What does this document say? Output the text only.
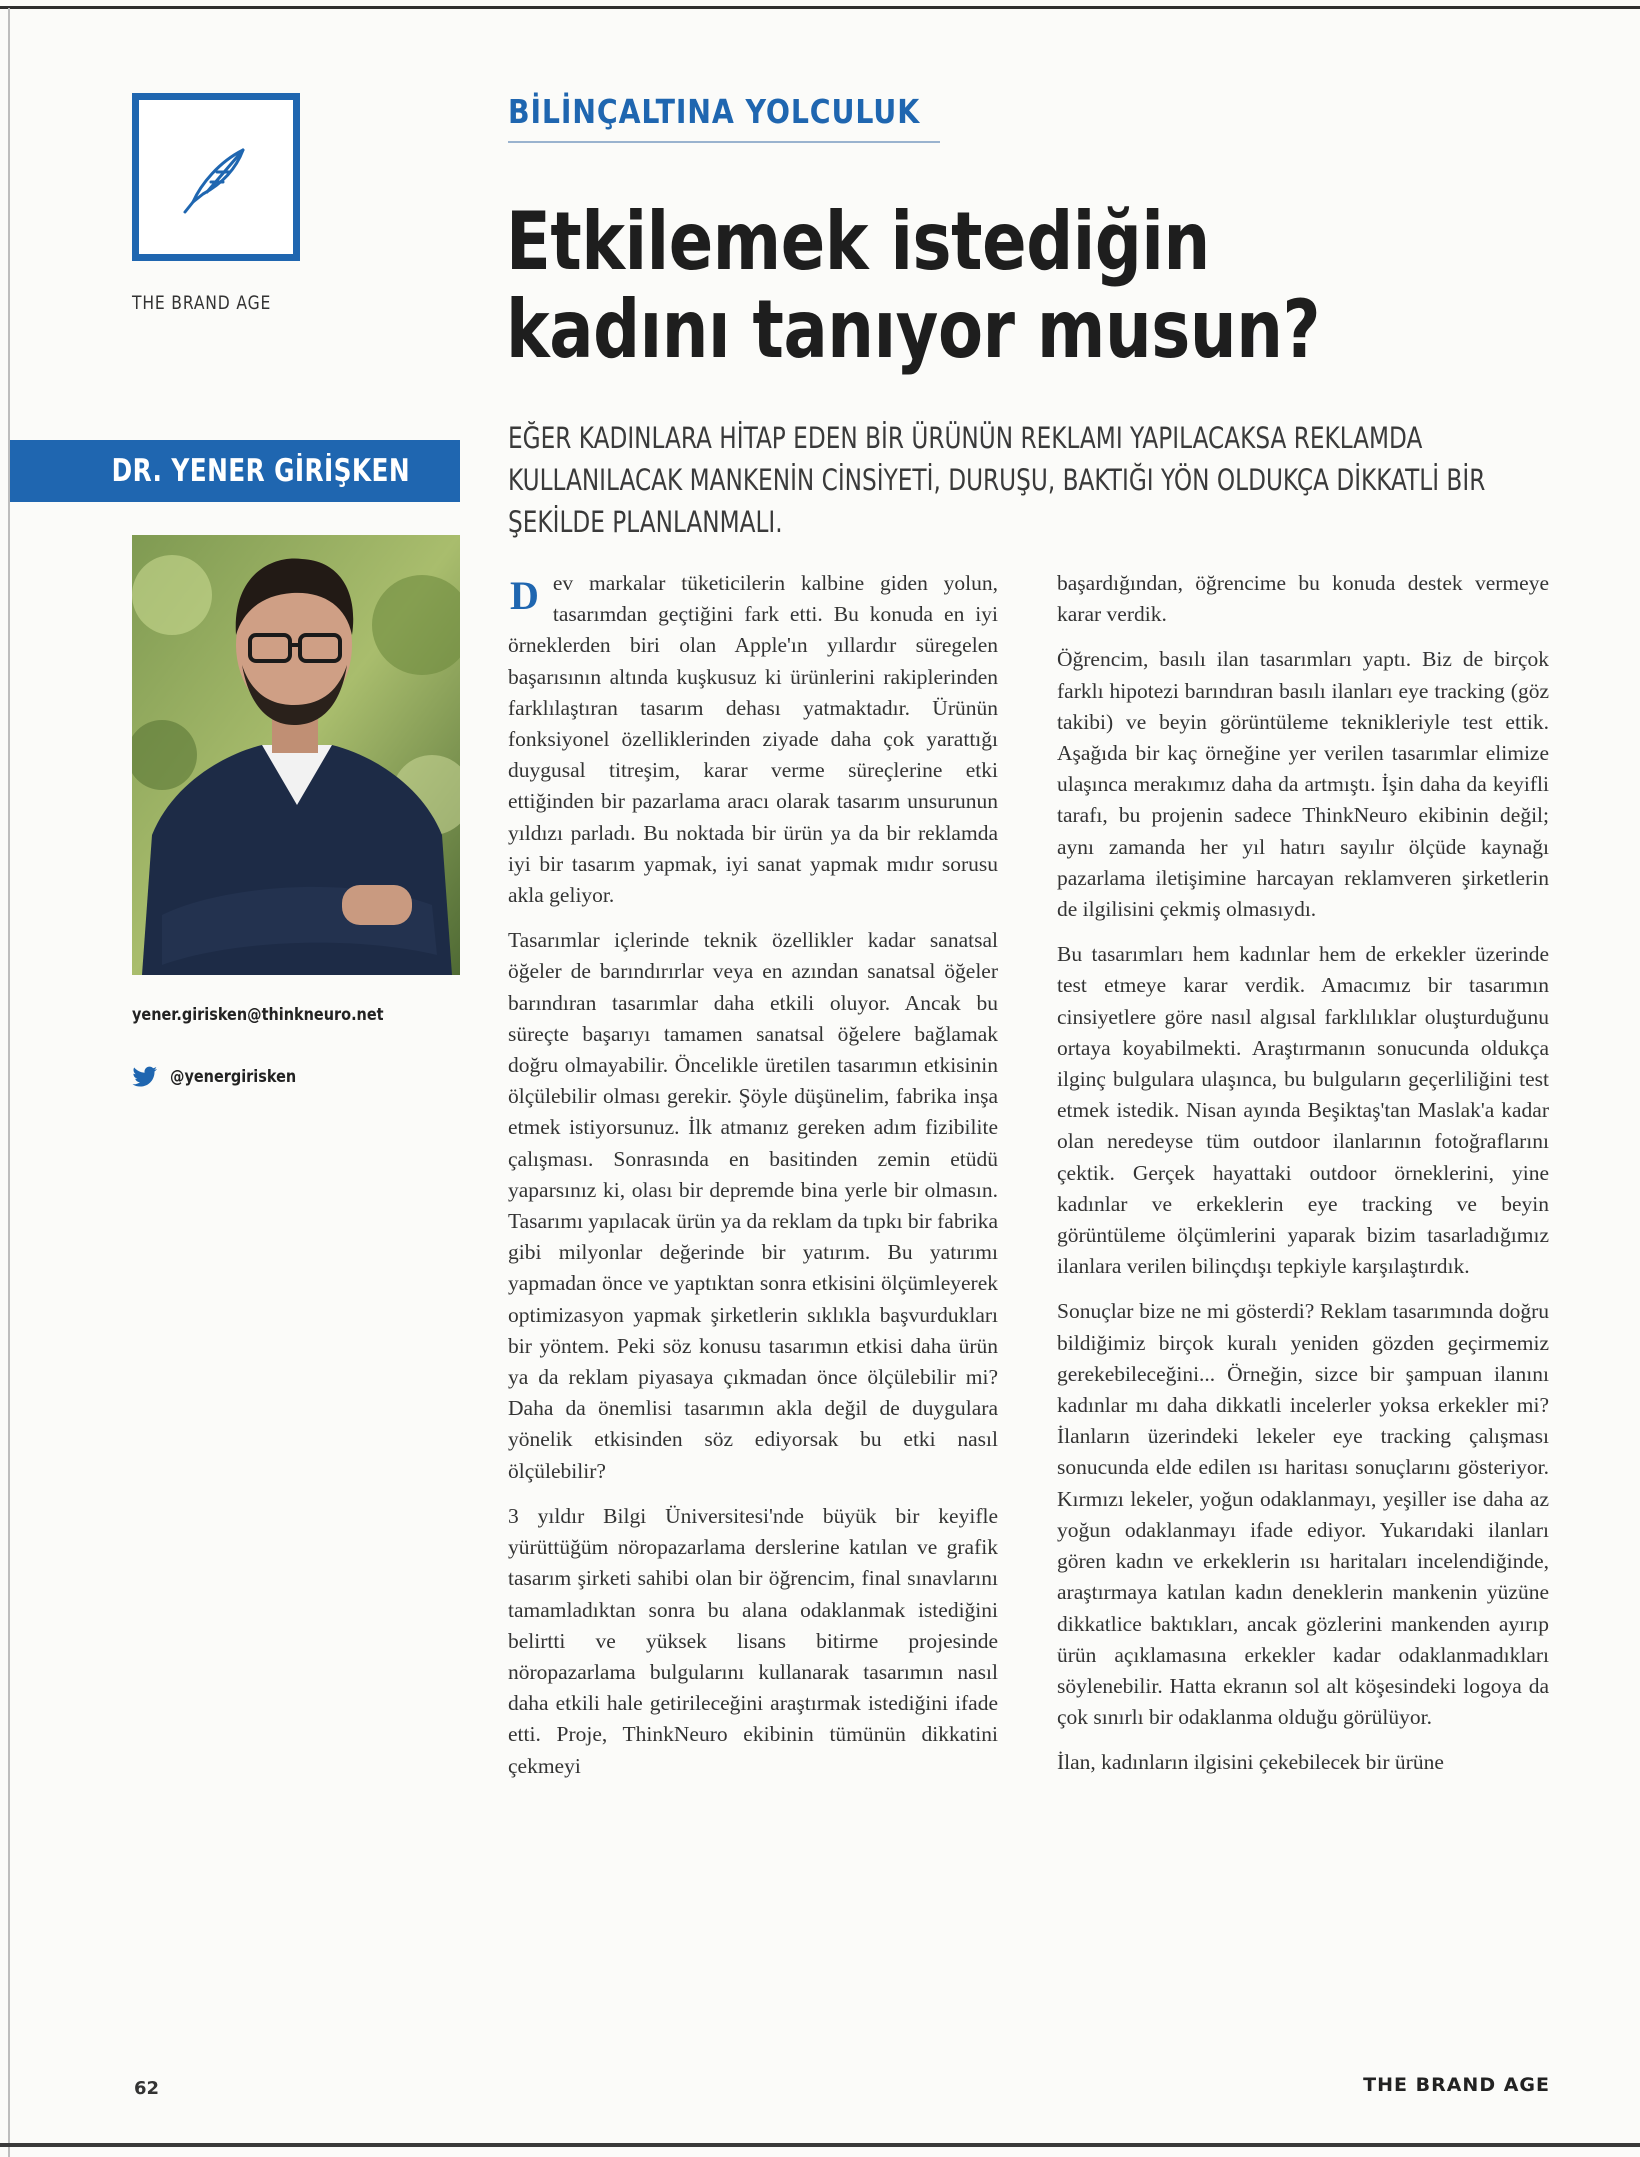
THE BRAND AGE
DR. YENER GİRİŞKEN
yener.girisken@thinkneuro.net
@yenergirisken
BİLİNÇALTINA YOLCULUK
Etkilemek istediğin
kadını tanıyor musun?
EĞER KADINLARA HİTAP EDEN BİR ÜRÜNÜN REKLAMI YAPILACAKSA REKLAMDA
KULLANILACAK MANKENİN CİNSİYETİ, DURUŞU, BAKTIĞI YÖN OLDUKÇA DİKKATLİ BİR
ŞEKİLDE PLANLANMALI.

Dev markalar tüketicilerin kalbine giden yolun, tasarımdan geçtiğini fark etti. Bu konuda en iyi örneklerden biri olan Apple'ın yıllardır süregelen başarısının altında kuşkusuz ki ürünlerini rakiplerinden farklılaştıran tasarım dehası yatmaktadır. Ürünün fonksiyonel özelliklerinden ziyade daha çok yarattığı duygusal titreşim, karar verme süreçlerine etki ettiğinden bir pazarlama aracı olarak tasarım unsurunun yıldızı parladı. Bu noktada bir ürün ya da bir reklamda iyi bir tasarım yapmak, iyi sanat yapmak mıdır sorusu akla geliyor.

Tasarımlar içlerinde teknik özellikler kadar sanatsal öğeler de barındırırlar veya en azından sanatsal öğeler barındıran tasarımlar daha etkili oluyor. Ancak bu süreçte başarıyı tamamen sanatsal öğelere bağlamak doğru olmayabilir. Öncelikle üretilen tasarımın etkisinin ölçülebilir olması gerekir. Şöyle düşünelim, fabrika inşa etmek istiyorsunuz. İlk atmanız gereken adım fizibilite çalışması. Sonrasında en basitinden zemin etüdü yaparsınız ki, olası bir depremde bina yerle bir olmasın. Tasarımı yapılacak ürün ya da reklam da tıpkı bir fabrika gibi milyonlar değerinde bir yatırım. Bu yatırımı yapmadan önce ve yaptıktan sonra etkisini ölçümleyerek optimizasyon yapmak şirketlerin sıklıkla başvurdukları bir yöntem. Peki söz konusu tasarımın etkisi daha ürün ya da reklam piyasaya çıkmadan önce ölçülebilir mi? Daha da önemlisi tasarımın akla değil de duygulara yönelik etkisinden söz ediyorsak bu etki nasıl ölçülebilir?

3 yıldır Bilgi Üniversitesi'nde büyük bir keyifle yürüttüğüm nöropazarlama derslerine katılan ve grafik tasarım şirketi sahibi olan bir öğrencim, final sınavlarını tamamladıktan sonra bu alana odaklanmak istediğini belirtti ve yüksek lisans bitirme projesinde nöropazarlama bulgularını kullanarak tasarımın nasıl daha etkili hale getirileceğini araştırmak istediğini ifade etti. Proje, ThinkNeuro ekibinin tümünün dikkatini çekmeyi

başardığından, öğrencime bu konuda destek vermeye karar verdik.

Öğrencim, basılı ilan tasarımları yaptı. Biz de birçok farklı hipotezi barındıran basılı ilanları eye tracking (göz takibi) ve beyin görüntüleme teknikleriyle test ettik. Aşağıda bir kaç örneğine yer verilen tasarımlar elimize ulaşınca merakımız daha da artmıştı. İşin daha da keyifli tarafı, bu projenin sadece ThinkNeuro ekibinin değil; aynı zamanda her yıl hatırı sayılır ölçüde kaynağı pazarlama iletişimine harcayan reklamveren şirketlerin de ilgilisini çekmiş olmasıydı.

Bu tasarımları hem kadınlar hem de erkekler üzerinde test etmeye karar verdik. Amacımız bir tasarımın cinsiyetlere göre nasıl algısal farklılıklar oluşturduğunu ortaya koyabilmekti. Araştırmanın sonucunda oldukça ilginç bulgulara ulaşınca, bu bulguların geçerliliğini test etmek istedik. Nisan ayında Beşiktaş'tan Maslak'a kadar olan neredeyse tüm outdoor ilanlarının fotoğraflarını çektik. Gerçek hayattaki outdoor örneklerini, yine kadınlar ve erkeklerin eye tracking ve beyin görüntüleme ölçümlerini yaparak bizim tasarladığımız ilanlara verilen bilinçdışı tepkiyle karşılaştırdık.

Sonuçlar bize ne mi gösterdi? Reklam tasarımında doğru bildiğimiz birçok kuralı yeniden gözden geçirmemiz gerekebileceğini... Örneğin, sizce bir şampuan ilanını kadınlar mı daha dikkatli incelerler yoksa erkekler mi? İlanların üzerindeki lekeler eye tracking çalışması sonucunda elde edilen ısı haritası sonuçlarını gösteriyor. Kırmızı lekeler, yoğun odaklanmayı, yeşiller ise daha az yoğun odaklanmayı ifade ediyor. Yukarıdaki ilanları gören kadın ve erkeklerin ısı haritaları incelendiğinde, araştırmaya katılan kadın deneklerin mankenin yüzüne dikkatlice baktıkları, ancak gözlerini mankenden ayırıp ürün açıklamasına erkekler kadar odaklanmadıkları söylenebilir. Hatta ekranın sol alt köşesindeki logoya da çok sınırlı bir odaklanma olduğu görülüyor.

İlan, kadınların ilgisini çekebilecek bir ürüne

62	THE BRAND AGE
